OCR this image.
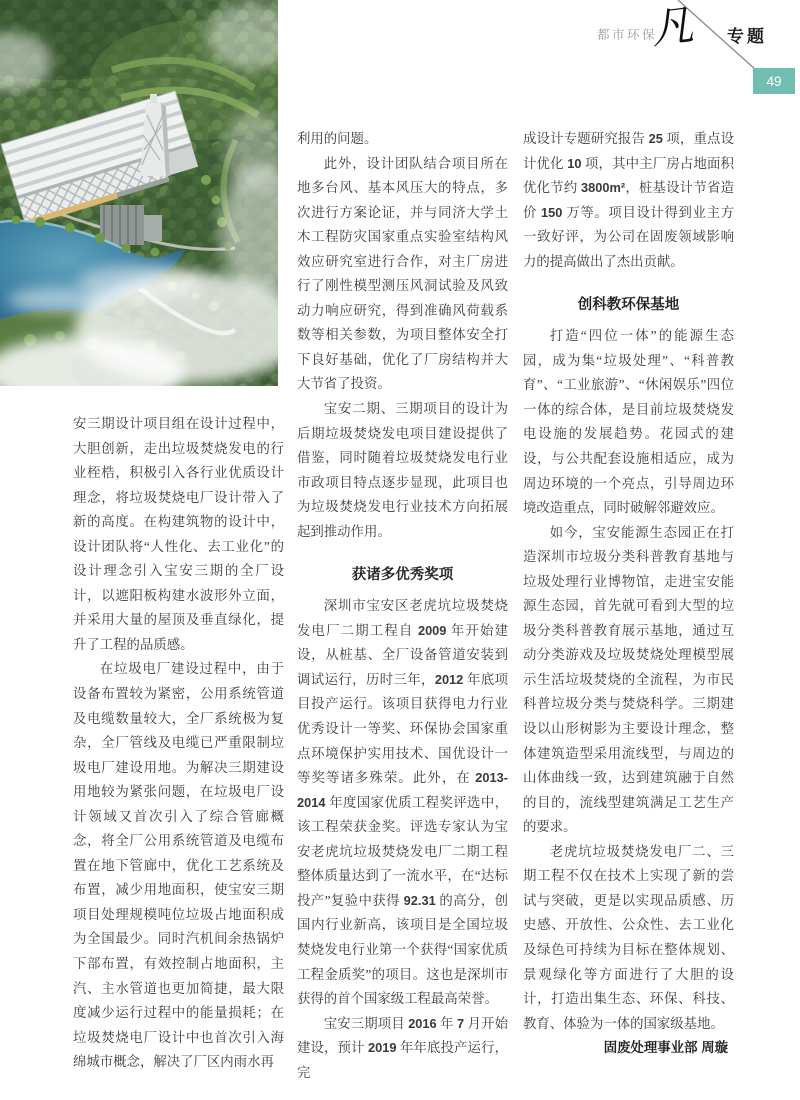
都市环保
凡 专题
49

安三期设计项目组在设计过程中，大胆创新，走出垃圾焚烧发电的行业桎梏，积极引入各行业优质设计理念，将垃圾焚烧电厂设计带入了新的高度。在构建筑物的设计中，设计团队将“人性化、去工业化”的设计理念引入宝安三期的全厂设计，以遮阳板构建水波形外立面，并采用大量的屋顶及垂直绿化，提升了工程的品质感。

在垃圾电厂建设过程中，由于设备布置较为紧密，公用系统管道及电缆数量较大，全厂系统极为复杂，全厂管线及电缆已严重限制垃圾电厂建设用地。为解决三期建设用地较为紧张问题，在垃圾电厂设计领域又首次引入了综合管廊概念，将全厂公用系统管道及电缆布置在地下管廊中，优化工艺系统及布置，减少用地面积，使宝安三期项目处理规模吨位垃圾占地面积成为全国最少。同时汽机间余热锅炉下部布置，有效控制占地面积，主汽、主水管道也更加简捷，最大限度减少运行过程中的能量损耗；在垃圾焚烧电厂设计中也首次引入海绵城市概念，解决了厂区内雨水再

利用的问题。

此外，设计团队结合项目所在地多台风、基本风压大的特点，多次进行方案论证，并与同济大学土木工程防灾国家重点实验室结构风效应研究室进行合作，对主厂房进行了刚性模型测压风洞试验及风致动力响应研究，得到准确风荷载系数等相关参数，为项目整体安全打下良好基础，优化了厂房结构并大大节省了投资。

宝安二期、三期项目的设计为后期垃圾焚烧发电项目建设提供了借鉴，同时随着垃圾焚烧发电行业市政项目特点逐步显现，此项目也为垃圾焚烧发电行业技术方向拓展起到推动作用。

获诸多优秀奖项

深圳市宝安区老虎坑垃圾焚烧发电厂二期工程自 2009 年开始建设，从桩基、全厂设备管道安装到调试运行，历时三年，2012 年底项目投产运行。该项目获得电力行业优秀设计一等奖、环保协会国家重点环境保护实用技术、国优设计一等奖等诸多殊荣。此外，在 2013-2014 年度国家优质工程奖评选中，该工程荣获金奖。评选专家认为宝安老虎坑垃圾焚烧发电厂二期工程整体质量达到了一流水平，在“达标投产”复验中获得 92.31 的高分，创国内行业新高，该项目是全国垃圾焚烧发电行业第一个获得“国家优质工程金质奖”的项目。这也是深圳市获得的首个国家级工程最高荣誉。

宝安三期项目 2016 年 7 月开始建设，预计 2019 年年底投产运行，完

成设计专题研究报告 25 项，重点设计优化 10 项，其中主厂房占地面积优化节约 3800m²，桩基设计节省造价 150 万等。项目设计得到业主方一致好评，为公司在固废领域影响力的提高做出了杰出贡献。

创科教环保基地

打造“四位一体”的能源生态园，成为集“垃圾处理”、“科普教育”、“工业旅游”、“休闲娱乐”四位一体的综合体，是目前垃圾焚烧发电设施的发展趋势。花园式的建设，与公共配套设施相适应，成为周边环境的一个亮点，引导周边环境改造重点，同时破解邻避效应。

如今，宝安能源生态园正在打造深圳市垃圾分类科普教育基地与垃圾处理行业博物馆，走进宝安能源生态园，首先就可看到大型的垃圾分类科普教育展示基地，通过互动分类游戏及垃圾焚烧处理模型展示生活垃圾焚烧的全流程，为市民科普垃圾分类与焚烧科学。三期建设以山形树影为主要设计理念，整体建筑造型采用流线型，与周边的山体曲线一致，达到建筑融于自然的目的，流线型建筑满足工艺生产的要求。

老虎坑垃圾焚烧发电厂二、三期工程不仅在技术上实现了新的尝试与突破，更是以实现品质感、历史感、开放性、公众性、去工业化及绿色可持续为目标在整体规划、景观绿化等方面进行了大胆的设计，打造出集生态、环保、科技、教育、体验为一体的国家级基地。

固废处理事业部 周璇
